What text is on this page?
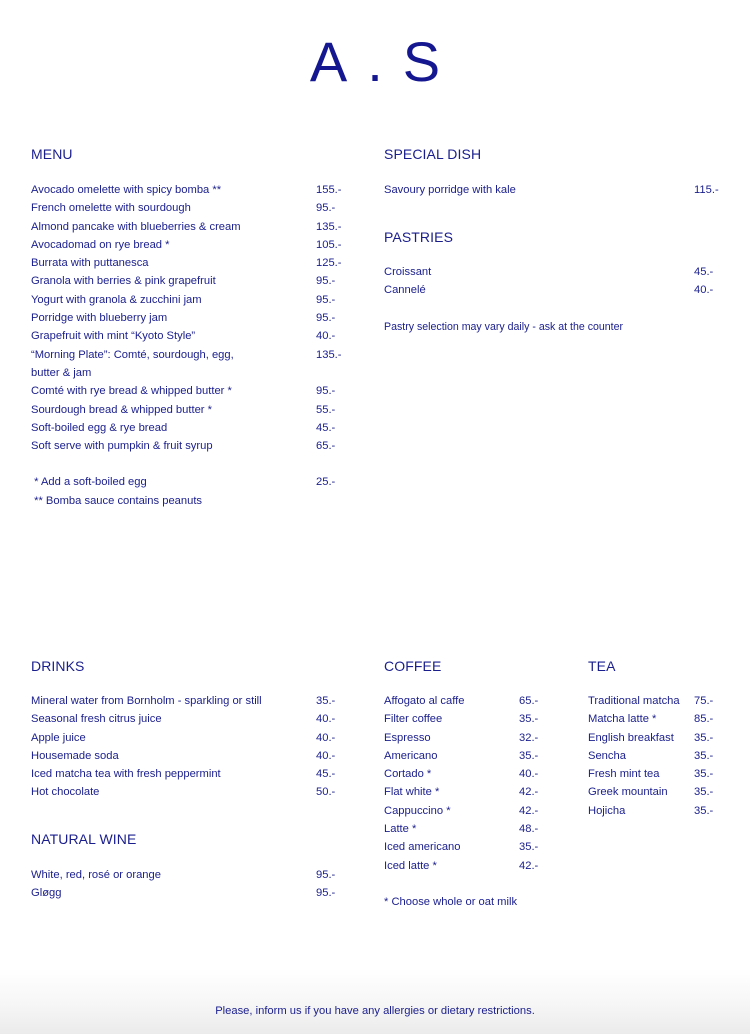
A.S
MENU
Avocado omelette with spicy bomba **	155.-
French omelette with sourdough	95.-
Almond pancake with blueberries & cream	135.-
Avocadomad on rye bread *	105.-
Burrata with puttanesca	125.-
Granola with berries & pink grapefruit	95.-
Yogurt with granola & zucchini jam	95.-
Porridge with blueberry jam	95.-
Grapefruit with mint “Kyoto Style”	40.-
“Morning Plate”: Comté, sourdough, egg,
butter & jam
135.-
Comté with rye bread & whipped butter *	95.-
Sourdough bread & whipped butter *	55.-
Soft-boiled egg & rye bread	45.-
Soft serve with pumpkin & fruit syrup	65.-
* Add a soft-boiled egg	25.-
** Bomba sauce contains peanuts
SPECIAL DISH
Savoury porridge with kale	115.-
PASTRIES
Croissant	45.-
Cannelé	40.-
Pastry selection may vary daily - ask at the counter
DRINKS
Mineral water from Bornholm - sparkling or still	35.-
Seasonal fresh citrus juice	40.-
Apple juice	40.-
Housemade soda	40.-
Iced matcha tea with fresh peppermint	45.-
Hot chocolate	50.-
NATURAL WINE
White, red, rosé or orange	95.-
Gløgg	95.-
COFFEE
Affogato al caffe	65.-
Filter coffee	35.-
Espresso	32.-
Americano	35.-
Cortado *	40.-
Flat white *	42.-
Cappuccino *	42.-
Latte *	48.-
Iced americano	35.-
Iced latte *	42.-
* Choose whole or oat milk
TEA
Traditional matcha	75.-
Matcha latte *	85.-
English breakfast	35.-
Sencha	35.-
Fresh mint tea	35.-
Greek mountain	35.-
Hojicha	35.-
Please, inform us if you have any allergies or dietary restrictions.
